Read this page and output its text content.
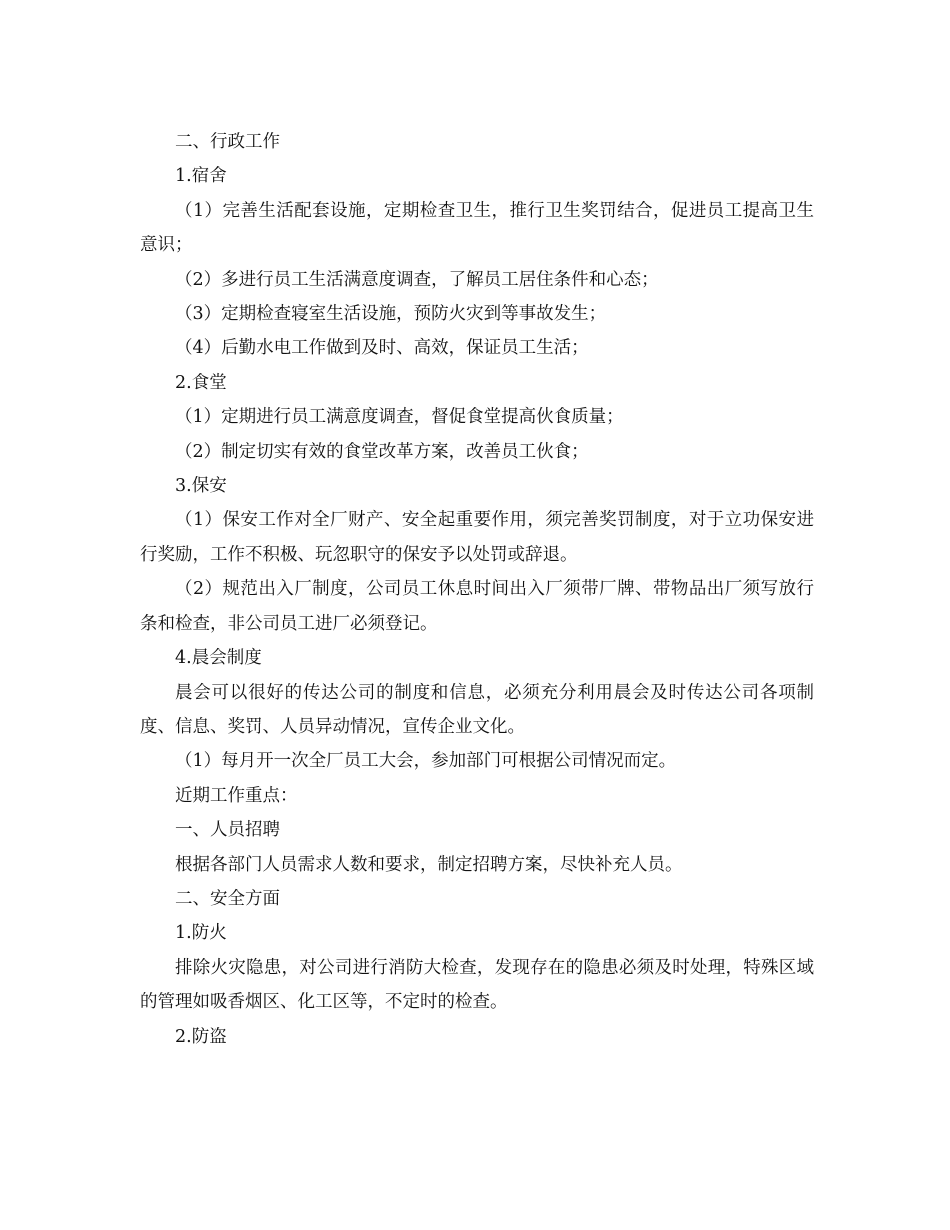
二、行政工作

1.宿舍

（1）完善生活配套设施，定期检查卫生，推行卫生奖罚结合，促进员工提高卫生意识；

（2）多进行员工生活满意度调查，了解员工居住条件和心态；

（3）定期检查寝室生活设施，预防火灾到等事故发生；

（4）后勤水电工作做到及时、高效，保证员工生活；

2.食堂

（1）定期进行员工满意度调查，督促食堂提高伙食质量；

（2）制定切实有效的食堂改革方案，改善员工伙食；

3.保安

（1）保安工作对全厂财产、安全起重要作用，须完善奖罚制度，对于立功保安进行奖励，工作不积极、玩忽职守的保安予以处罚或辞退。

（2）规范出入厂制度，公司员工休息时间出入厂须带厂牌、带物品出厂须写放行条和检查，非公司员工进厂必须登记。

4.晨会制度

晨会可以很好的传达公司的制度和信息，必须充分利用晨会及时传达公司各项制度、信息、奖罚、人员异动情况，宣传企业文化。

（1）每月开一次全厂员工大会，参加部门可根据公司情况而定。

近期工作重点：

一、人员招聘

根据各部门人员需求人数和要求，制定招聘方案，尽快补充人员。

二、安全方面

1.防火

排除火灾隐患，对公司进行消防大检查，发现存在的隐患必须及时处理，特殊区域的管理如吸香烟区、化工区等，不定时的检查。

2.防盗
